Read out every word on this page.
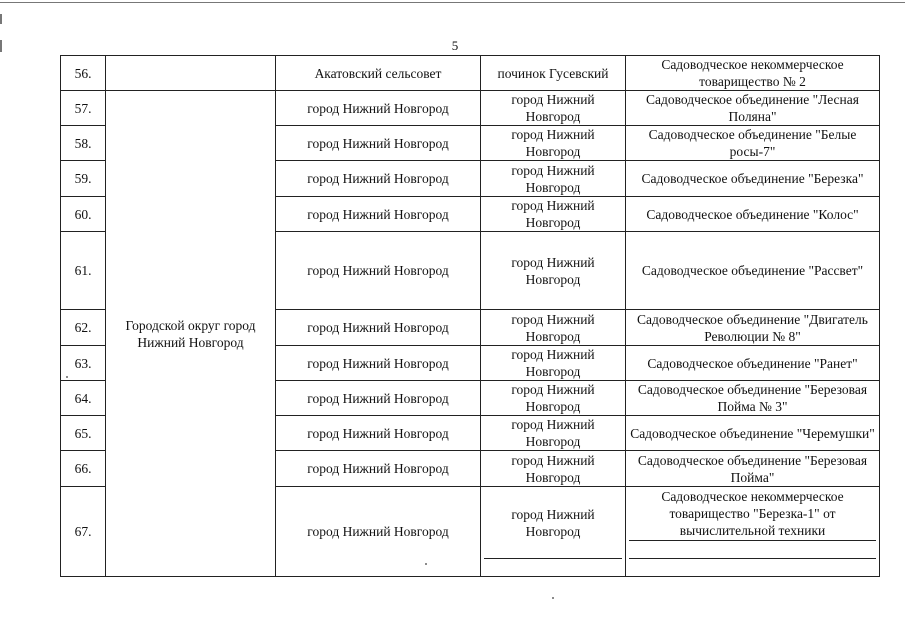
5
56.		Акатовский сельсовет	починок Гусевский	Садоводческое некоммерческое товарищество № 2
57.	Городской округ город Нижний Новгород	город Нижний Новгород	город Нижний Новгород	Садоводческое объединение "Лесная Поляна"
58.		город Нижний Новгород	город Нижний Новгород	Садоводческое объединение "Белые росы-7"
59.		город Нижний Новгород	город Нижний Новгород	Садоводческое объединение "Березка"
60.		город Нижний Новгород	город Нижний Новгород	Садоводческое объединение "Колос"
61.		город Нижний Новгород	город Нижний Новгород	Садоводческое объединение "Рассвет"
62.		город Нижний Новгород	город Нижний Новгород	Садоводческое объединение "Двигатель Революции № 8"
63.		город Нижний Новгород	город Нижний Новгород	Садоводческое объединение "Ранет"
64.		город Нижний Новгород	город Нижний Новгород	Садоводческое объединение "Березовая Пойма № 3"
65.		город Нижний Новгород	город Нижний Новгород	Садоводческое объединение "Черемушки"
66.		город Нижний Новгород	город Нижний Новгород	Садоводческое объединение "Березовая Пойма"
67.		город Нижний Новгород	город Нижний Новгород	Садоводческое некоммерческое товарищество "Березка-1" от вычислительной техники
